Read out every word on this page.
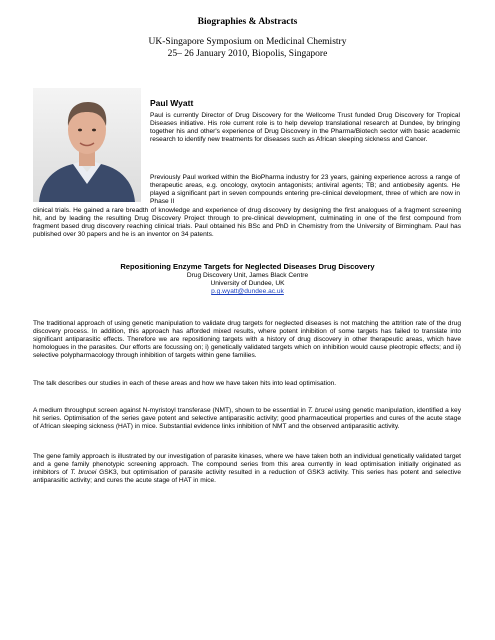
Biographies & Abstracts
UK-Singapore Symposium on Medicinal Chemistry
25– 26 January 2010, Biopolis, Singapore
Paul Wyatt
Paul is currently Director of Drug Discovery for the Wellcome Trust funded Drug Discovery for Tropical Diseases initiative. His role current role is to help develop translational research at Dundee, by bringing together his and other's experience of Drug Discovery in the Pharma/Biotech sector with basic academic research to identify new treatments for diseases such as African sleeping sickness and Cancer.
Previously Paul worked within the BioPharma industry for 23 years, gaining experience across a range of therapeutic areas, e.g. oncology, oxytocin antagonists; antiviral agents; TB; and antiobesity agents. He played a significant part in seven compounds entering pre-clinical development, three of which are now in Phase II
clinical trials. He gained a rare breadth of knowledge and experience of drug discovery by designing the first analogues of a fragment screening hit, and by leading the resulting Drug Discovery Project through to pre-clinical development, culminating in one of the first compound from fragment based drug discovery reaching clinical trials. Paul obtained his BSc and PhD in Chemistry from the University of Birmingham. Paul has published over 30 papers and he is an inventor on 34 patents.
Repositioning Enzyme Targets for Neglected Diseases Drug Discovery
Drug Discovery Unit, James Black Centre
University of Dundee, UK
p.g.wyatt@dundee.ac.uk
The traditional approach of using genetic manipulation to validate drug targets for neglected diseases is not matching the attrition rate of the drug discovery process. In addition, this approach has afforded mixed results, where potent inhibition of some targets has failed to translate into significant antiparasitic effects. Therefore we are repositioning targets with a history of drug discovery in other therapeutic areas, which have homologues in the parasites. Our efforts are focussing on; i) genetically validated targets which on inhibition would cause pleotropic effects; and ii) selective polypharmacology through inhibition of targets within gene families.
The talk describes our studies in each of these areas and how we have taken hits into lead optimisation.
A medium throughput screen against N-myristoyl transferase (NMT), shown to be essential in T. brucei using genetic manipulation, identified a key hit series. Optimisation of the series gave potent and selective antiparasitic activity; good pharmaceutical properties and cures of the acute stage of African sleeping sickness (HAT) in mice. Substantial evidence links inhibition of NMT and the observed antiparasitic activity.
The gene family approach is illustrated by our investigation of parasite kinases, where we have taken both an individual genetically validated target and a gene family phenotypic screening approach. The compound series from this area currently in lead optimisation initially originated as inhibitors of T. brucei GSK3, but optimisation of parasite activity resulted in a reduction of GSK3 activity. This series has potent and selective antiparasitic activity; and cures the acute stage of HAT in mice.
